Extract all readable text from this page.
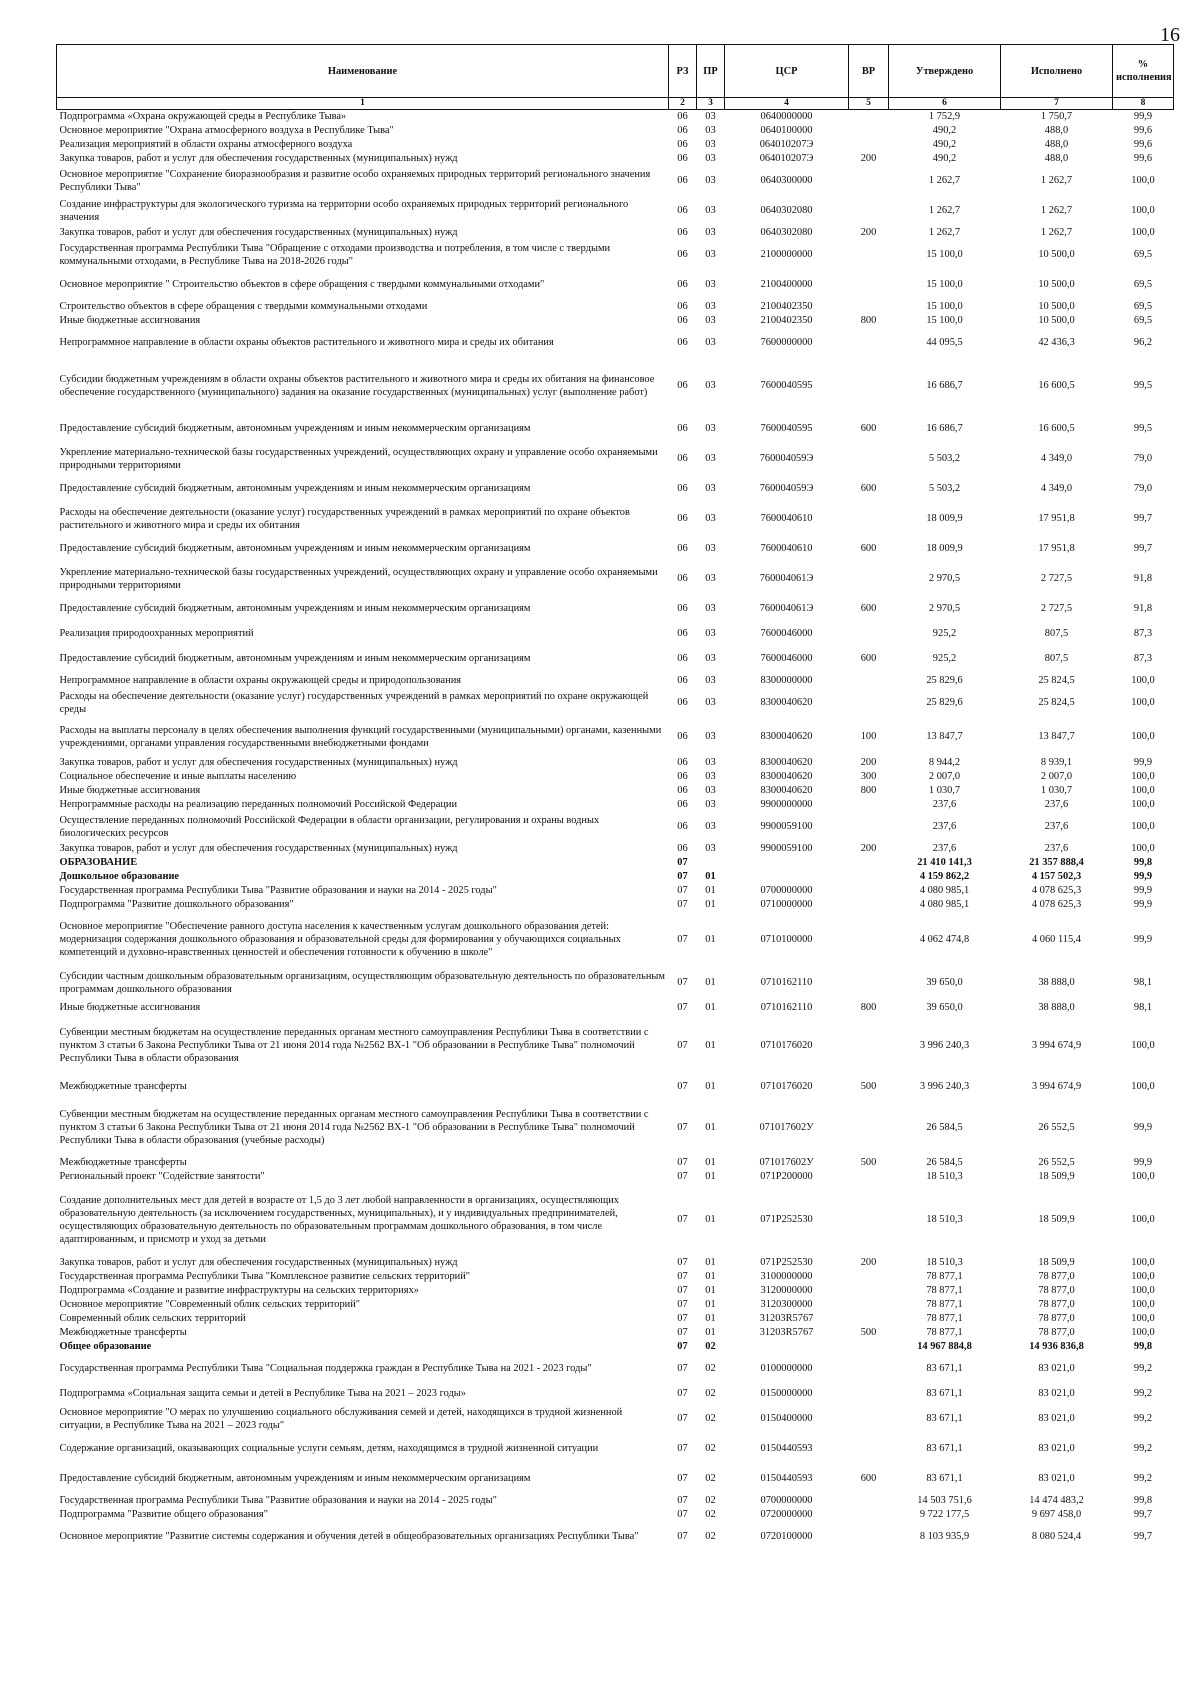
16
Наименование	РЗ	ПР	ЦСР	ВР	Утверждено	Исполнено	% исполнения
1	2	3	4	5	6	7	8
Подпрограмма «Охрана окружающей среды в Республике Тыва»	06	03	0640000000		1 752,9	1 750,7	99,9
Основное мероприятие "Охрана атмосферного воздуха в Республике Тыва"	06	03	0640100000		490,2	488,0	99,6
Реализация мероприятий в области охраны атмосферного воздуха	06	03	064010207Э		490,2	488,0	99,6
Закупка товаров, работ и услуг для обеспечения государственных (муниципальных) нужд	06	03	064010207Э	200	490,2	488,0	99,6
Основное мероприятие "Сохранение биоразнообразия и развитие особо охраняемых природных территорий регионального значения Республики Тыва"	06	03	0640300000		1 262,7	1 262,7	100,0
Создание инфраструктуры для экологического туризма на территории особо охраняемых природных территорий регионального значения	06	03	0640302080		1 262,7	1 262,7	100,0
Закупка товаров, работ и услуг для обеспечения государственных (муниципальных) нужд	06	03	0640302080	200	1 262,7	1 262,7	100,0
Государственная программа Республики Тыва "Обращение с отходами производства и потребления, в том числе с твердыми коммунальными отходами, в Республике Тыва на 2018-2026 годы"	06	03	2100000000		15 100,0	10 500,0	69,5
Основное мероприятие " Строительство объектов в сфере обращения с твердыми коммунальными отходами"	06	03	2100400000		15 100,0	10 500,0	69,5
Строительство объектов в сфере обращения с твердыми коммунальными отходами	06	03	2100402350		15 100,0	10 500,0	69,5
Иные бюджетные ассигнования	06	03	2100402350	800	15 100,0	10 500,0	69,5
Непрограммное направление в области охраны объектов растительного и животного мира и среды их обитания	06	03	7600000000		44 095,5	42 436,3	96,2
Субсидии бюджетным учреждениям в области охраны объектов растительного и животного мира и среды их обитания на финансовое обеспечение государственного (муниципального) задания на оказание государственных (муниципальных) услуг (выполнение работ)	06	03	7600040595		16 686,7	16 600,5	99,5
Предоставление субсидий бюджетным, автономным учреждениям и иным некоммерческим организациям	06	03	7600040595	600	16 686,7	16 600,5	99,5
Укрепление материально-технической базы государственных учреждений, осуществляющих охрану и управление особо охраняемыми природными территориями	06	03	760004059Э		5 503,2	4 349,0	79,0
Предоставление субсидий бюджетным, автономным учреждениям и иным некоммерческим организациям	06	03	760004059Э	600	5 503,2	4 349,0	79,0
Расходы на обеспечение деятельности (оказание услуг) государственных учреждений в рамках мероприятий по охране объектов растительного и животного мира и среды их обитания	06	03	7600040610		18 009,9	17 951,8	99,7
Предоставление субсидий бюджетным, автономным учреждениям и иным некоммерческим организациям	06	03	7600040610	600	18 009,9	17 951,8	99,7
Укрепление материально-технической базы государственных учреждений, осуществляющих охрану и управление особо охраняемыми природными территориями	06	03	760004061Э		2 970,5	2 727,5	91,8
Предоставление субсидий бюджетным, автономным учреждениям и иным некоммерческим организациям	06	03	760004061Э	600	2 970,5	2 727,5	91,8
Реализация природоохранных мероприятий	06	03	7600046000		925,2	807,5	87,3
Предоставление субсидий бюджетным, автономным учреждениям и иным некоммерческим организациям	06	03	7600046000	600	925,2	807,5	87,3
Непрограммное направление в области охраны окружающей среды и природопользования	06	03	8300000000		25 829,6	25 824,5	100,0
Расходы на обеспечение деятельности (оказание услуг) государственных учреждений в рамках мероприятий по охране окружающей среды	06	03	8300040620		25 829,6	25 824,5	100,0
Расходы на выплаты персоналу в целях обеспечения выполнения функций государственными (муниципальными) органами, казенными учреждениями, органами управления государственными внебюджетными фондами	06	03	8300040620	100	13 847,7	13 847,7	100,0
Закупка товаров, работ и услуг для обеспечения государственных (муниципальных) нужд	06	03	8300040620	200	8 944,2	8 939,1	99,9
Социальное обеспечение и иные выплаты населению	06	03	8300040620	300	2 007,0	2 007,0	100,0
Иные бюджетные ассигнования	06	03	8300040620	800	1 030,7	1 030,7	100,0
Непрограммные расходы на реализацию переданных полномочий Российской Федерации	06	03	9900000000		237,6	237,6	100,0
Осуществление переданных полномочий Российской Федерации в области организации, регулирования и охраны водных биологических ресурсов	06	03	9900059100		237,6	237,6	100,0
Закупка товаров, работ и услуг для обеспечения государственных (муниципальных) нужд	06	03	9900059100	200	237,6	237,6	100,0
ОБРАЗОВАНИЕ	07				21 410 141,3	21 357 888,4	99,8
Дошкольное образование	07	01			4 159 862,2	4 157 502,3	99,9
Государственная программа Республики Тыва "Развитие образования и науки на 2014 - 2025 годы"	07	01	0700000000		4 080 985,1	4 078 625,3	99,9
Подпрограмма "Развитие дошкольного образования"	07	01	0710000000		4 080 985,1	4 078 625,3	99,9
Основное мероприятие "Обеспечение равного доступа населения к качественным услугам дошкольного образования детей: модернизация содержания дошкольного образования и образовательной среды для формирования у обучающихся социальных компетенций и духовно-нравственных ценностей и обеспечения готовности к обучению в школе"	07	01	0710100000		4 062 474,8	4 060 115,4	99,9
Субсидии частным дошкольным образовательным организациям, осуществляющим образовательную деятельность по образовательным программам дошкольного образования	07	01	0710162110		39 650,0	38 888,0	98,1
Иные бюджетные ассигнования	07	01	0710162110	800	39 650,0	38 888,0	98,1
Субвенции местным бюджетам на осуществление переданных органам местного самоуправления Республики Тыва в соответствии с пунктом 3 статьи 6 Закона Республики Тыва от 21 июня 2014 года №2562 ВХ-1 "Об образовании в Республике Тыва" полномочий Республики Тыва в области образования	07	01	0710176020		3 996 240,3	3 994 674,9	100,0
Межбюджетные трансферты	07	01	0710176020	500	3 996 240,3	3 994 674,9	100,0
Субвенции местным бюджетам на осуществление переданных органам местного самоуправления Республики Тыва в соответствии с пунктом 3 статьи 6 Закона Республики Тыва от 21 июня 2014 года №2562 ВХ-1 "Об образовании в Республике Тыва" полномочий Республики Тыва в области образования (учебные расходы)	07	01	071017602У		26 584,5	26 552,5	99,9
Межбюджетные трансферты	07	01	071017602У	500	26 584,5	26 552,5	99,9
Региональный проект "Содействие занятости"	07	01	071P200000		18 510,3	18 509,9	100,0
Создание дополнительных мест для детей в возрасте от 1,5 до 3 лет любой направленности в организациях, осуществляющих образовательную деятельность (за исключением государственных, муниципальных), и у индивидуальных предпринимателей, осуществляющих образовательную деятельность по образовательным программам дошкольного образования, в том числе адаптированным, и присмотр и уход за детьми	07	01	071P252530		18 510,3	18 509,9	100,0
Закупка товаров, работ и услуг для обеспечения государственных (муниципальных) нужд	07	01	071P252530	200	18 510,3	18 509,9	100,0
Государственная программа Республики Тыва "Комплексное развитие сельских территорий"	07	01	3100000000		78 877,1	78 877,0	100,0
Подпрограмма «Создание и развитие инфраструктуры на сельских территориях»	07	01	3120000000		78 877,1	78 877,0	100,0
Основное мероприятие "Современный облик сельских территорий"	07	01	3120300000		78 877,1	78 877,0	100,0
Современный облик сельских территорий	07	01	31203R5767		78 877,1	78 877,0	100,0
Межбюджетные трансферты	07	01	31203R5767	500	78 877,1	78 877,0	100,0
Общее образование	07	02			14 967 884,8	14 936 836,8	99,8
Государственная программа Республики Тыва "Социальная поддержка граждан в Республике Тыва на 2021 - 2023 годы"	07	02	0100000000		83 671,1	83 021,0	99,2
Подпрограмма «Социальная защита семьи и детей в Республике Тыва на 2021 – 2023 годы»	07	02	0150000000		83 671,1	83 021,0	99,2
Основное мероприятие "О мерах по улучшению социального обслуживания семей и детей, находящихся в трудной жизненной ситуации, в Республике Тыва на 2021 – 2023 годы"	07	02	0150400000		83 671,1	83 021,0	99,2
Содержание организаций, оказывающих социальные услуги семьям, детям, находящимся в трудной жизненной ситуации	07	02	0150440593		83 671,1	83 021,0	99,2
Предоставление субсидий бюджетным, автономным учреждениям и иным некоммерческим организациям	07	02	0150440593	600	83 671,1	83 021,0	99,2
Государственная программа Республики Тыва "Развитие образования и науки на 2014 - 2025 годы"	07	02	0700000000		14 503 751,6	14 474 483,2	99,8
Подпрограмма "Развитие общего образования"	07	02	0720000000		9 722 177,5	9 697 458,0	99,7
Основное мероприятие "Развитие системы содержания и обучения детей в общеобразовательных организациях Республики Тыва"	07	02	0720100000		8 103 935,9	8 080 524,4	99,7
